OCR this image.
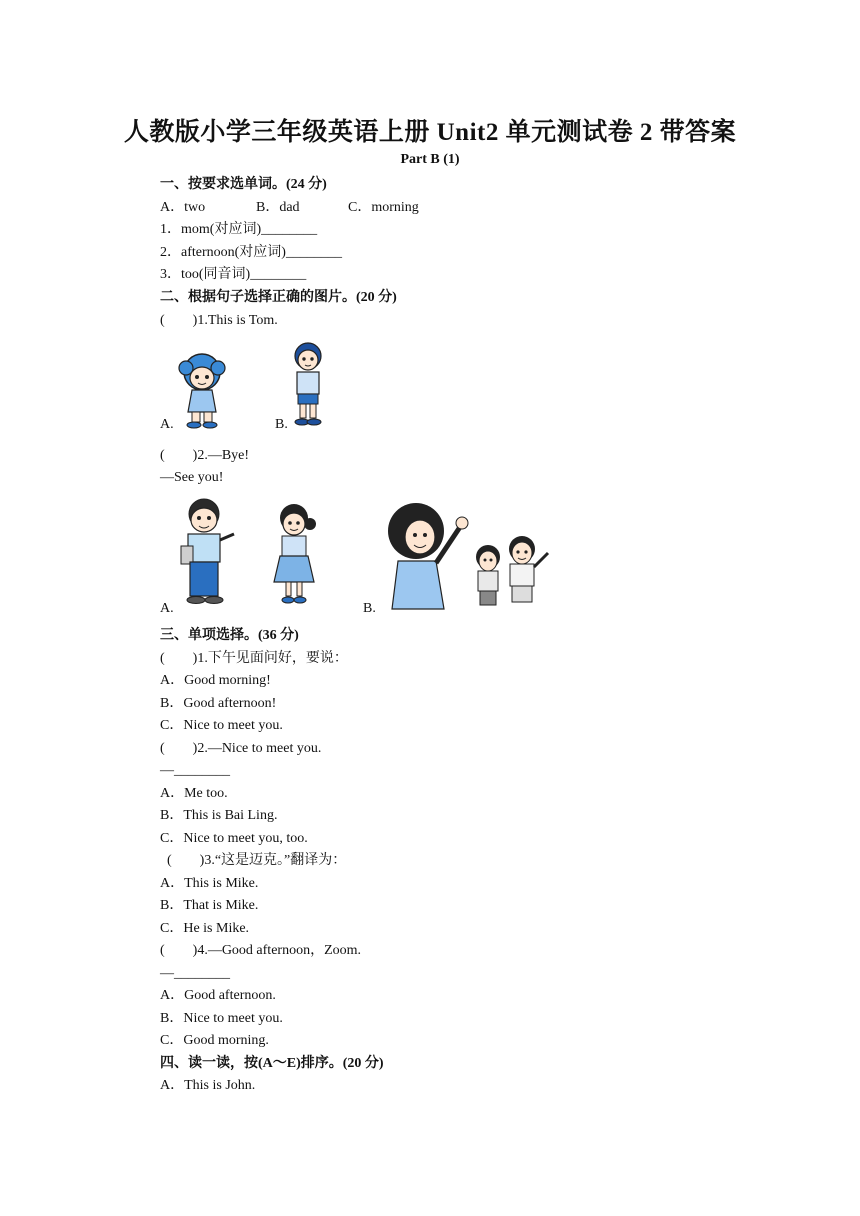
人教版小学三年级英语上册 Unit2 单元测试卷 2 带答案
Part B (1)
一、按要求选单词。(24 分)
A．two	B．dad	C．morning
1．mom(对应词)________
2．afternoon(对应词)________
3．too(同音词)________
二、根据句子选择正确的图片。(20 分)
(　　)1.This is Tom.
A.	B.
(　　)2.—Bye!
—See you!
A.	B.
三、单项选择。(36 分)
(　　)1.下午见面问好，要说：
A．Good morning!
B．Good afternoon!
C．Nice to meet you.
(　　)2.—Nice to meet you.
—________
A．Me too.
B．This is Bai Ling.
C．Nice to meet you, too.
(　　)3.“这是迈克。”翻译为：
A．This is Mike.
B．That is Mike.
C．He is Mike.
(　　)4.—Good afternoon，Zoom.
—________
A．Good afternoon.
B．Nice to meet you.
C．Good morning.
四、读一读，按(A～E)排序。(20 分)
A．This is John.
